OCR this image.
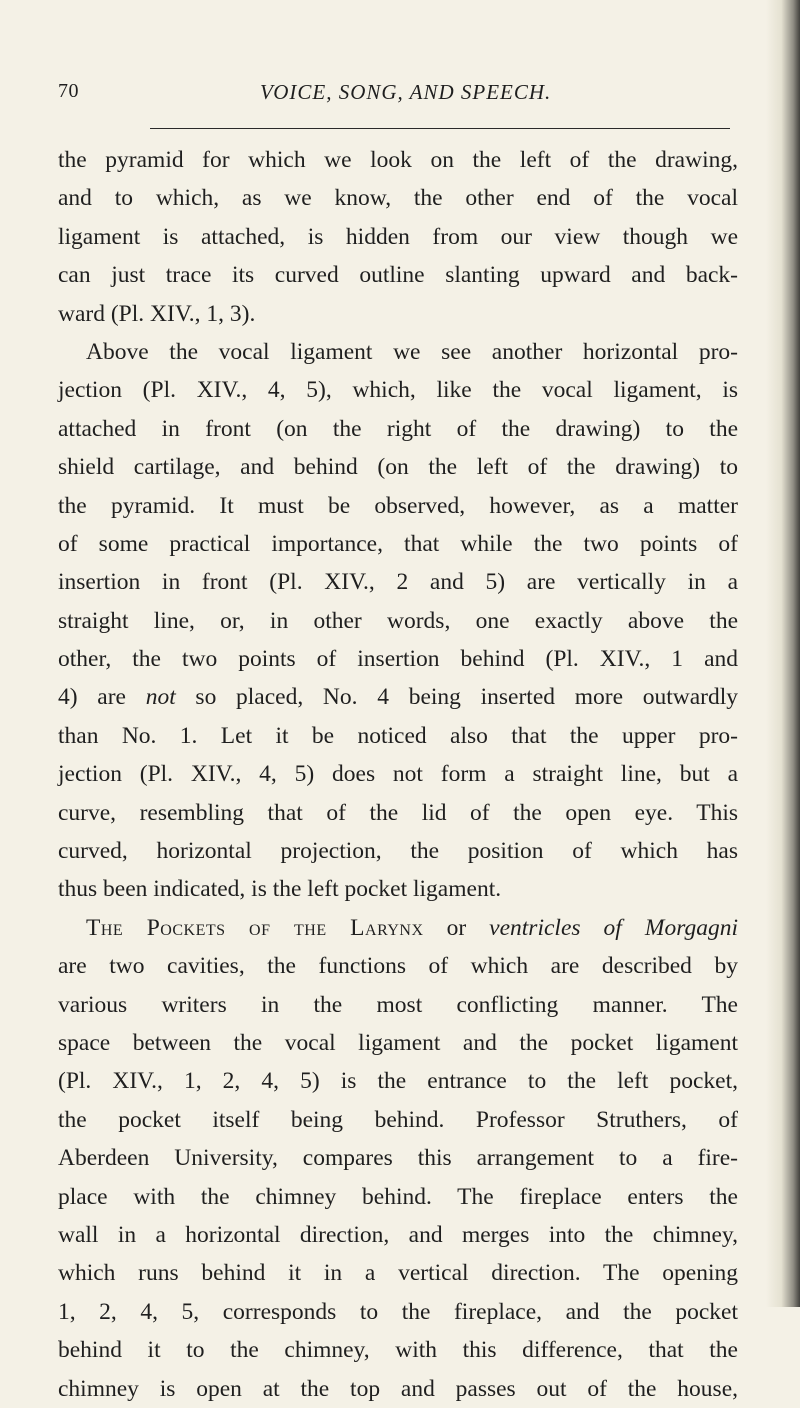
70	VOICE, SONG, AND SPEECH.
the pyramid for which we look on the left of the drawing,
and to which, as we know, the other end of the vocal
ligament is attached, is hidden from our view though we
can just trace its curved outline slanting upward and back-
ward (Pl. XIV., 1, 3).
Above the vocal ligament we see another horizontal pro-
jection (Pl. XIV., 4, 5), which, like the vocal ligament, is
attached in front (on the right of the drawing) to the
shield cartilage, and behind (on the left of the drawing) to
the pyramid. It must be observed, however, as a matter
of some practical importance, that while the two points of
insertion in front (Pl. XIV., 2 and 5) are vertically in a
straight line, or, in other words, one exactly above the
other, the two points of insertion behind (Pl. XIV., 1 and
4) are not so placed, No. 4 being inserted more outwardly
than No. 1. Let it be noticed also that the upper pro-
jection (Pl. XIV., 4, 5) does not form a straight line, but a
curve, resembling that of the lid of the open eye. This
curved, horizontal projection, the position of which has
thus been indicated, is the left pocket ligament.
The Pockets of the Larynx or ventricles of Morgagni
are two cavities, the functions of which are described by
various writers in the most conflicting manner. The
space between the vocal ligament and the pocket ligament
(Pl. XIV., 1, 2, 4, 5) is the entrance to the left pocket,
the pocket itself being behind. Professor Struthers, of
Aberdeen University, compares this arrangement to a fire-
place with the chimney behind. The fireplace enters the
wall in a horizontal direction, and merges into the chimney,
which runs behind it in a vertical direction. The opening
1, 2, 4, 5, corresponds to the fireplace, and the pocket
behind it to the chimney, with this difference, that the
chimney is open at the top and passes out of the house,
